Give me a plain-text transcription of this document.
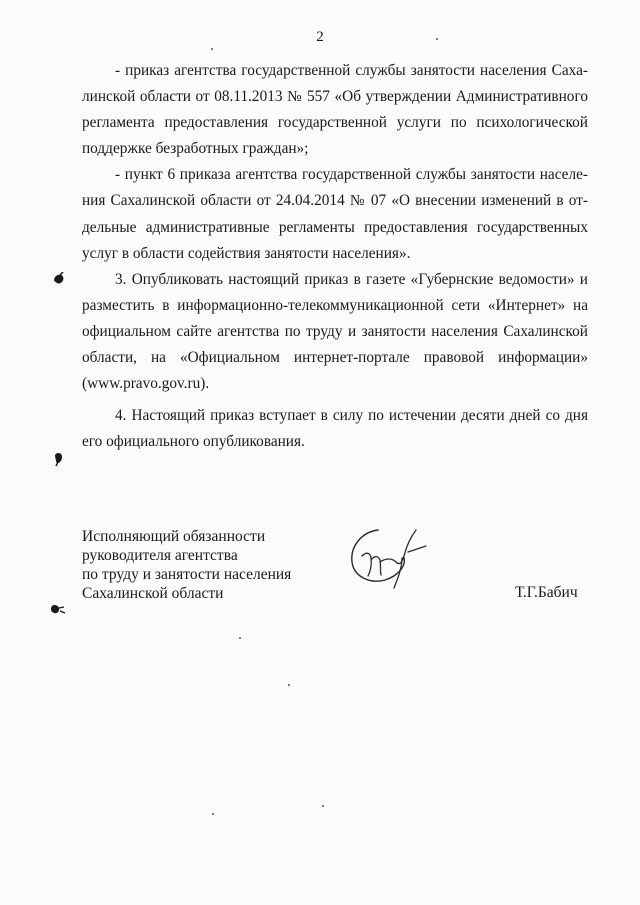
2

- приказ агентства государственной службы занятости населения Сахалинской области от 08.11.2013 № 557 «Об утверждении Административного регламента предоставления государственной услуги по психологической поддержке безработных граждан»;

- пункт 6 приказа агентства государственной службы занятости населения Сахалинской области от 24.04.2014 № 07 «О внесении изменений в отдельные административные регламенты предоставления государственных услуг в области содействия занятости населения».

3. Опубликовать настоящий приказ в газете «Губернские ведомости» и разместить в информационно-телекоммуникационной сети «Интернет» на официальном сайте агентства по труду и занятости населения Сахалинской области, на «Официальном интернет-портале правовой информации» (www.pravo.gov.ru).

4. Настоящий приказ вступает в силу по истечении десяти дней со дня его официального опубликования.

Исполняющий обязанности
руководителя агентства
по труду и занятости населения
Сахалинской области	Т.Г.Бабич
